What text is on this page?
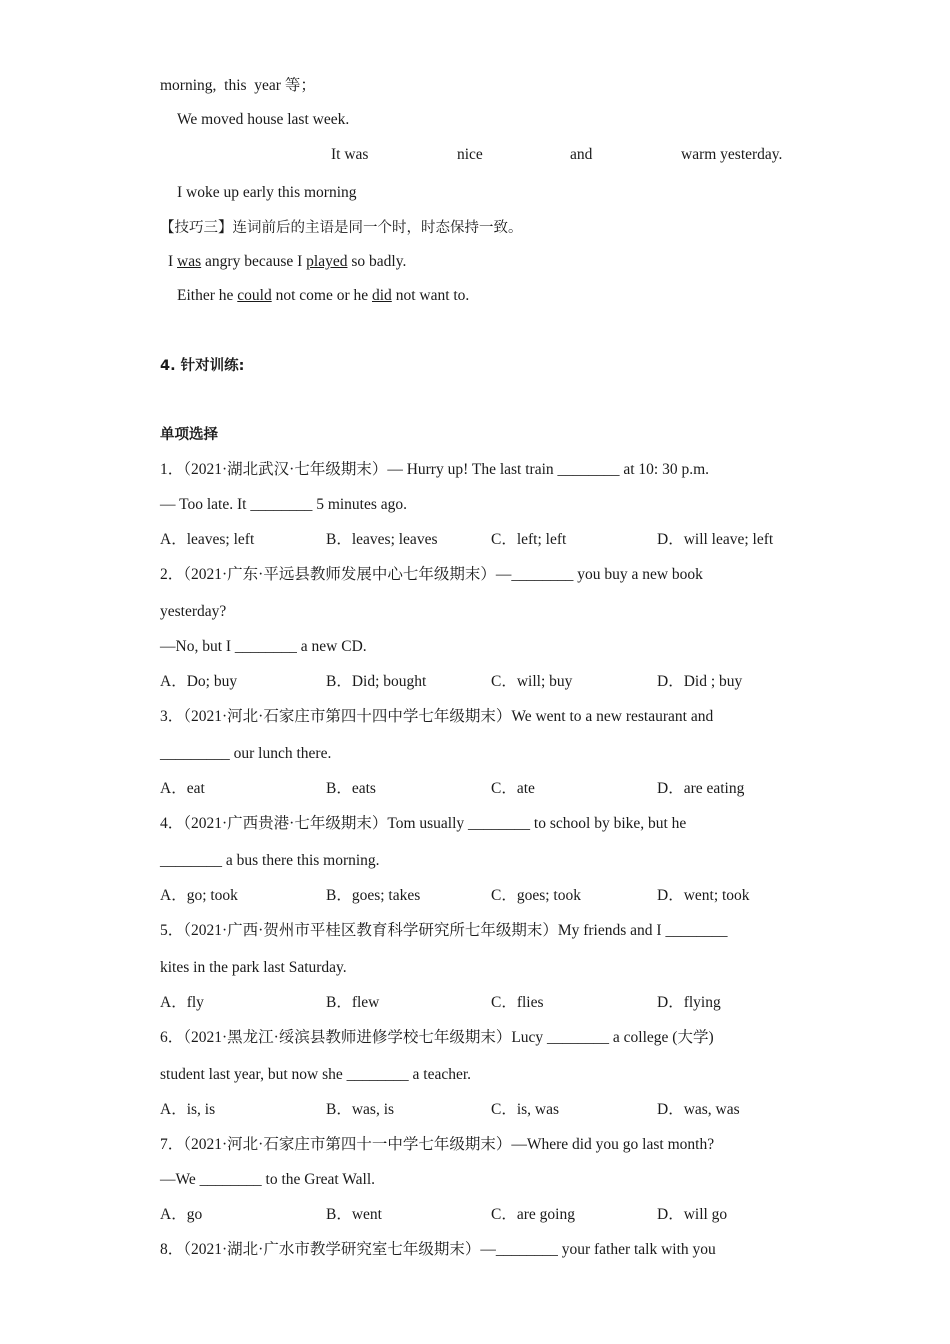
morning,  this  year 等；
We moved house last week.
It was	nice	and	warm yesterday.
I woke up early this morning
【技巧三】连词前后的主语是同一个时，时态保持一致。
I was angry because I played so badly.
Either he could not come or he did not want to.
4. 针对训练:
单项选择
1．（2021·湖北武汉·七年级期末）— Hurry up! The last train ________ at 10: 30 p.m.
— Too late. It ________ 5 minutes ago.
A．leaves; left	B．leaves; leaves	C．left; left	D．will leave; left
2．（2021·广东·平远县教师发展中心七年级期末）—________ you buy a new book
yesterday?
—No, but I ________ a new CD.
A．Do; buy	B．Did; bought	C．will; buy	D．Did ; buy
3．（2021·河北·石家庄市第四十四中学七年级期末）We went to a new restaurant and
_________ our lunch there.
A．eat	B．eats	C．ate	D．are eating
4．（2021·广西贵港·七年级期末）Tom usually ________ to school by bike, but he
________ a bus there this morning.
A．go; took	B．goes; takes	C．goes; took	D．went; took
5．（2021·广西·贺州市平桂区教育科学研究所七年级期末）My friends and I ________
kites in the park last Saturday.
A．fly	B．flew	C．flies	D．flying
6．（2021·黑龙江·绥滨县教师进修学校七年级期末）Lucy ________ a college (大学)
student last year, but now she ________ a teacher.
A．is, is	B．was, is	C．is, was	D．was, was
7．（2021·河北·石家庄市第四十一中学七年级期末）—Where did you go last month?
—We ________ to the Great Wall.
A．go	B．went	C．are going	D．will go
8．（2021·湖北·广水市教学研究室七年级期末）—________ your father talk with you
